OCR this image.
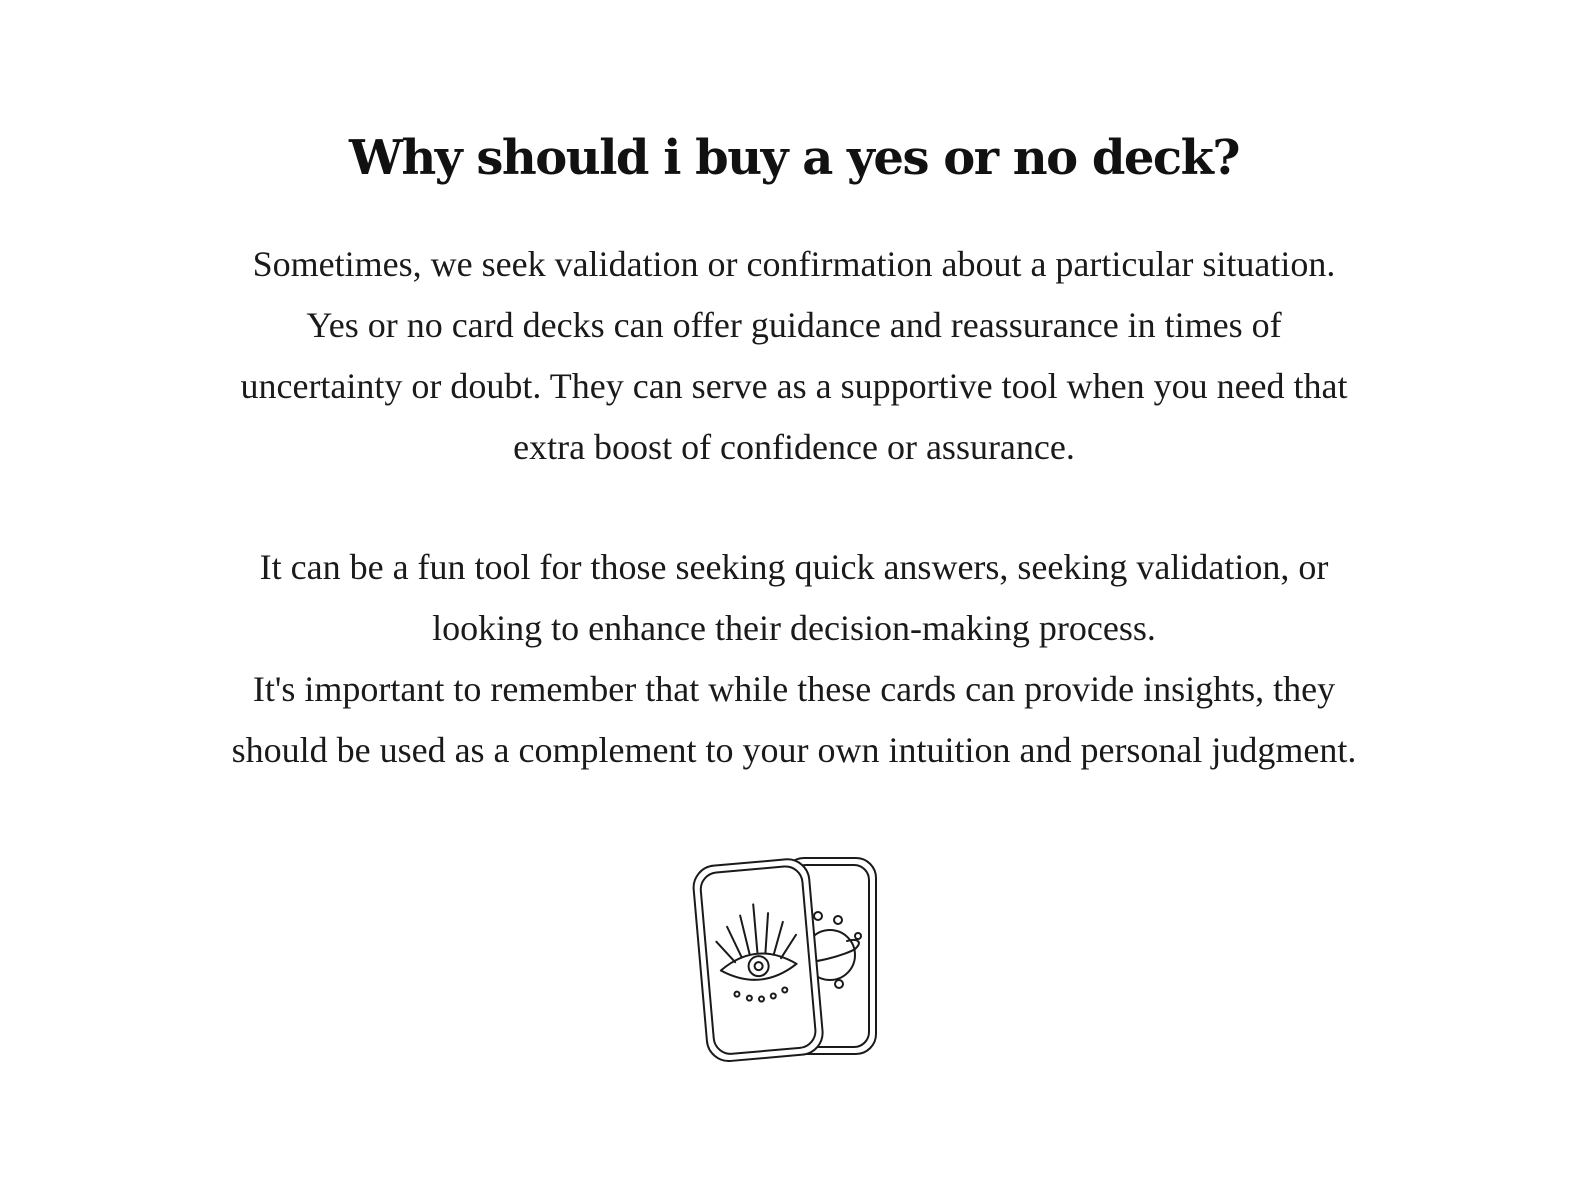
Why should i buy a yes or no deck?

Sometimes, we seek validation or confirmation about a particular situation.
Yes or no card decks can offer guidance and reassurance in times of
uncertainty or doubt. They can serve as a supportive tool when you need that
extra boost of confidence or assurance.

It can be a fun tool for those seeking quick answers, seeking validation, or
looking to enhance their decision-making process.
It's important to remember that while these cards can provide insights, they
should be used as a complement to your own intuition and personal judgment.
